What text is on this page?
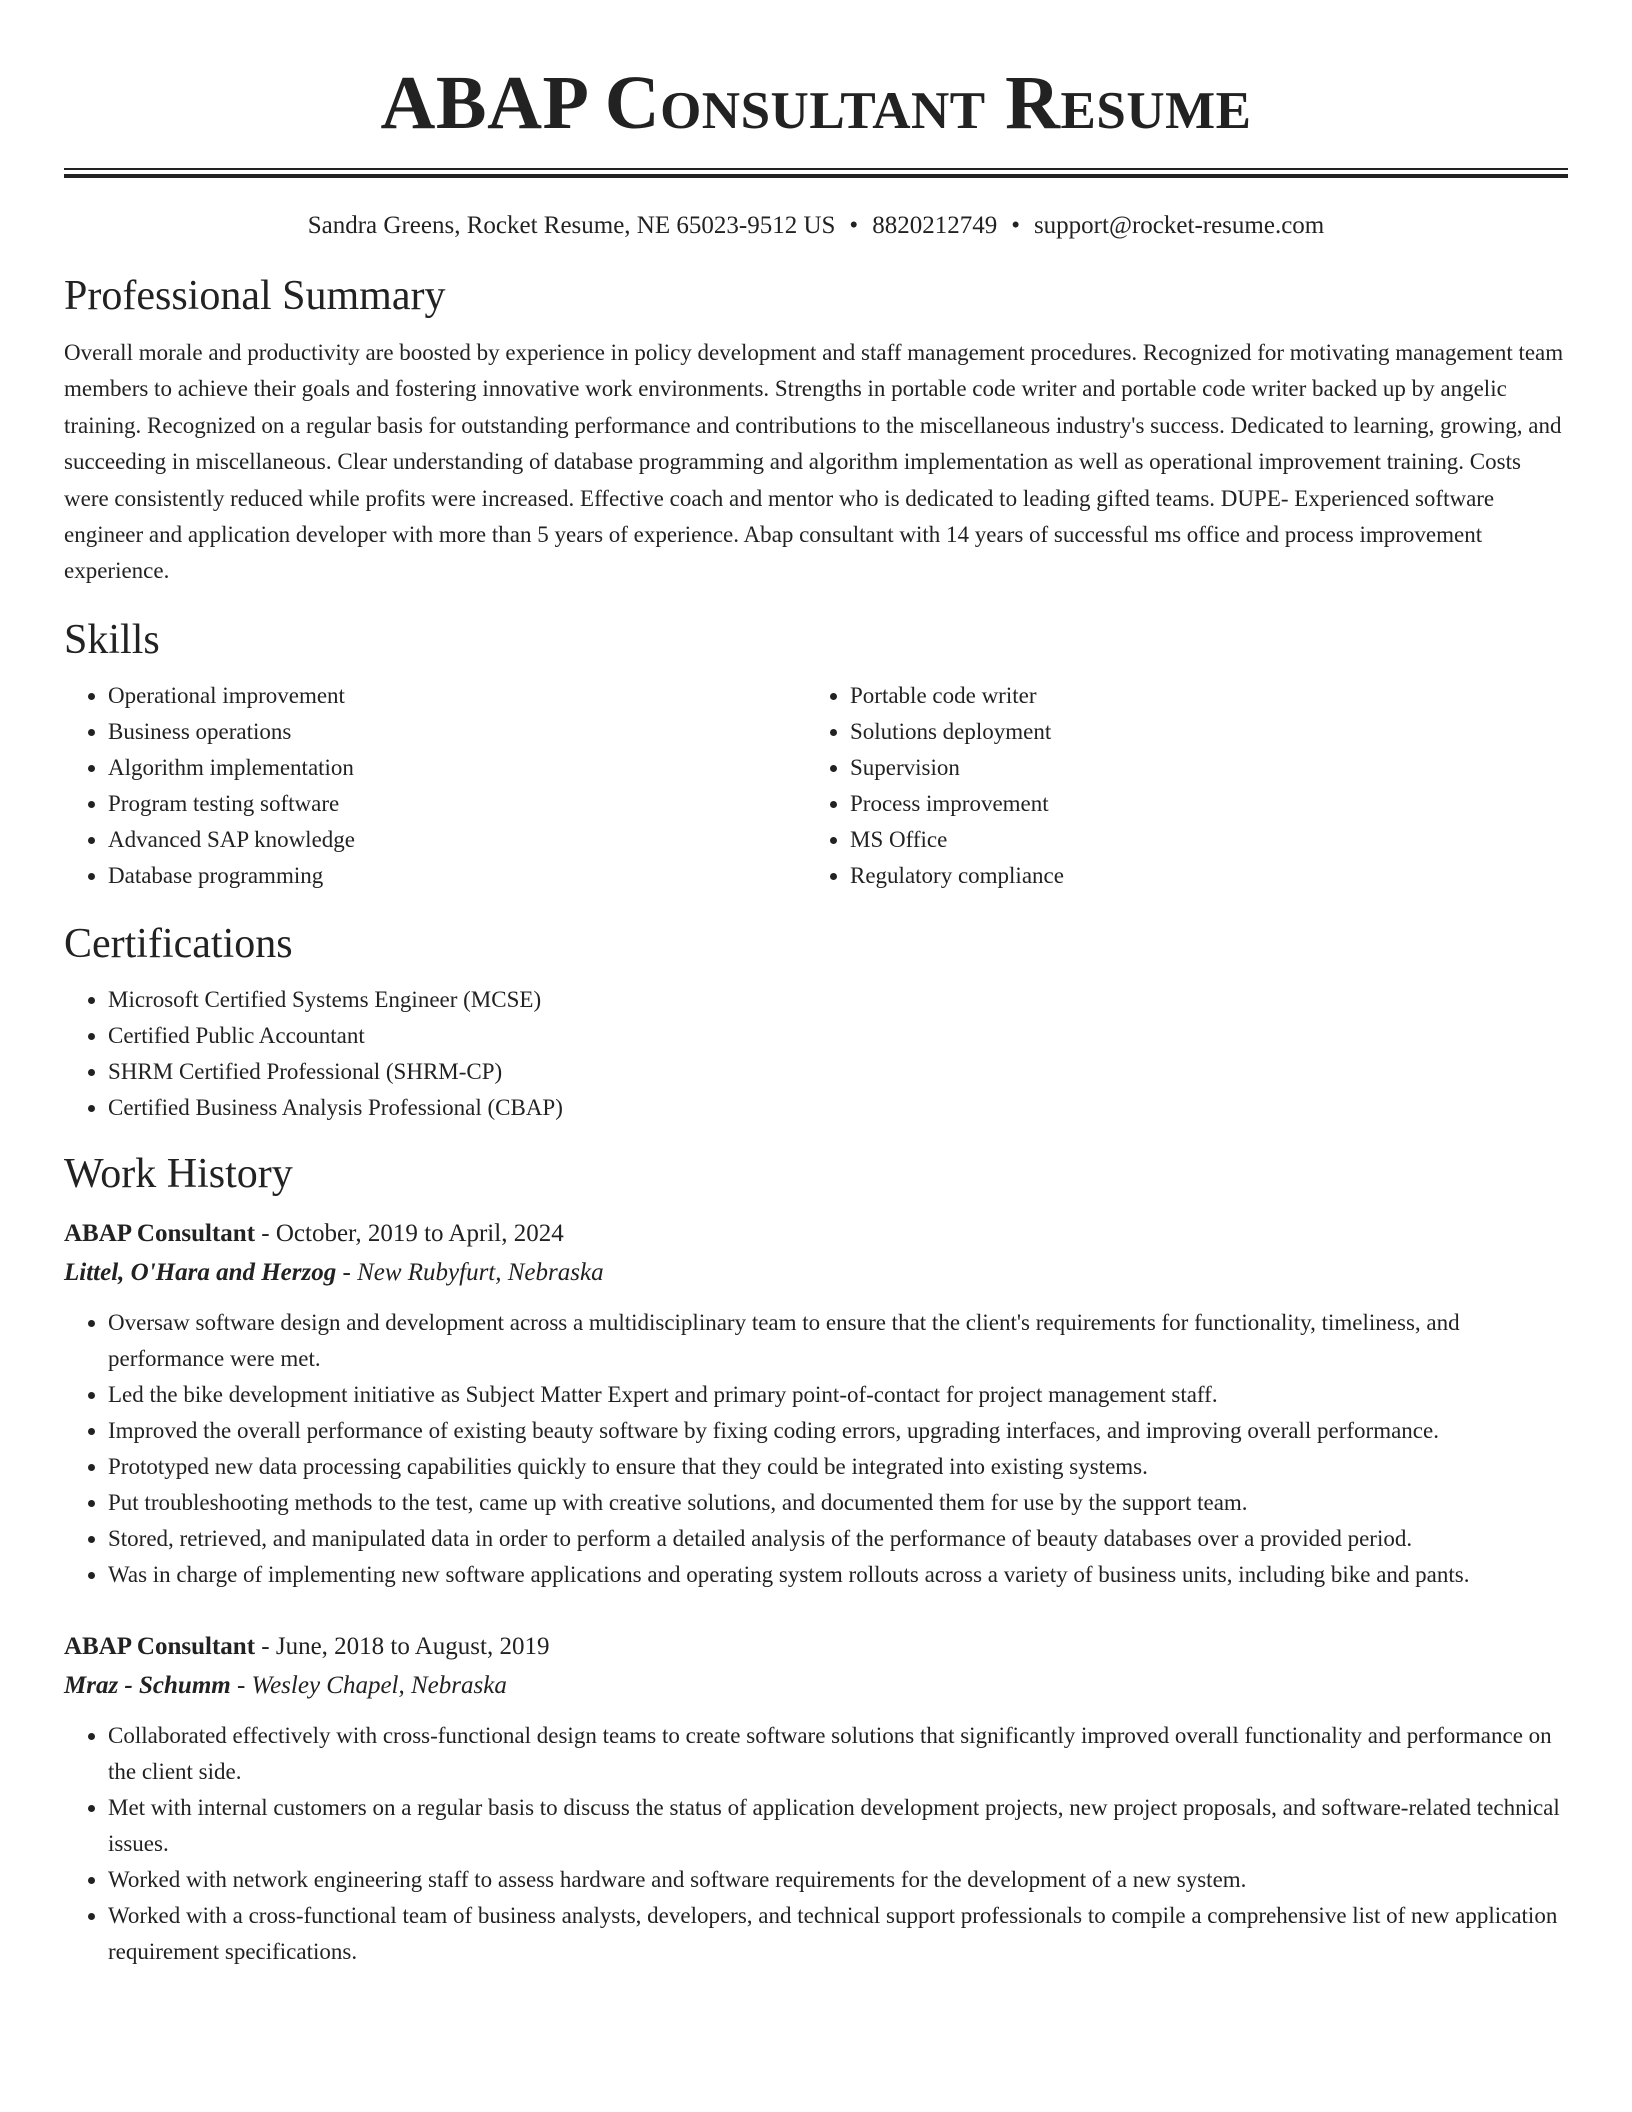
ABAP Consultant Resume
Sandra Greens, Rocket Resume, NE 65023-9512 US • 8820212749 • support@rocket-resume.com
Professional Summary

Overall morale and productivity are boosted by experience in policy development and staff management procedures. Recognized for motivating management team members to achieve their goals and fostering innovative work environments. Strengths in portable code writer and portable code writer backed up by angelic training. Recognized on a regular basis for outstanding performance and contributions to the miscellaneous industry's success. Dedicated to learning, growing, and succeeding in miscellaneous. Clear understanding of database programming and algorithm implementation as well as operational improvement training. Costs were consistently reduced while profits were increased. Effective coach and mentor who is dedicated to leading gifted teams. DUPE- Experienced software engineer and application developer with more than 5 years of experience. Abap consultant with 14 years of successful ms office and process improvement experience.

Skills
• Operational improvement
• Business operations
• Algorithm implementation
• Program testing software
• Advanced SAP knowledge
• Database programming
• Portable code writer
• Solutions deployment
• Supervision
• Process improvement
• MS Office
• Regulatory compliance
Certifications
• Microsoft Certified Systems Engineer (MCSE)
• Certified Public Accountant
• SHRM Certified Professional (SHRM-CP)
• Certified Business Analysis Professional (CBAP)
Work History
ABAP Consultant - October, 2019 to April, 2024
Littel, O'Hara and Herzog - New Rubyfurt, Nebraska
• Oversaw software design and development across a multidisciplinary team to ensure that the client's requirements for functionality, timeliness, and performance were met.
• Led the bike development initiative as Subject Matter Expert and primary point-of-contact for project management staff.
• Improved the overall performance of existing beauty software by fixing coding errors, upgrading interfaces, and improving overall performance.
• Prototyped new data processing capabilities quickly to ensure that they could be integrated into existing systems.
• Put troubleshooting methods to the test, came up with creative solutions, and documented them for use by the support team.
• Stored, retrieved, and manipulated data in order to perform a detailed analysis of the performance of beauty databases over a provided period.
• Was in charge of implementing new software applications and operating system rollouts across a variety of business units, including bike and pants.
ABAP Consultant - June, 2018 to August, 2019
Mraz - Schumm - Wesley Chapel, Nebraska
• Collaborated effectively with cross-functional design teams to create software solutions that significantly improved overall functionality and performance on the client side.
• Met with internal customers on a regular basis to discuss the status of application development projects, new project proposals, and software-related technical issues.
• Worked with network engineering staff to assess hardware and software requirements for the development of a new system.
• Worked with a cross-functional team of business analysts, developers, and technical support professionals to compile a comprehensive list of new application requirement specifications.
